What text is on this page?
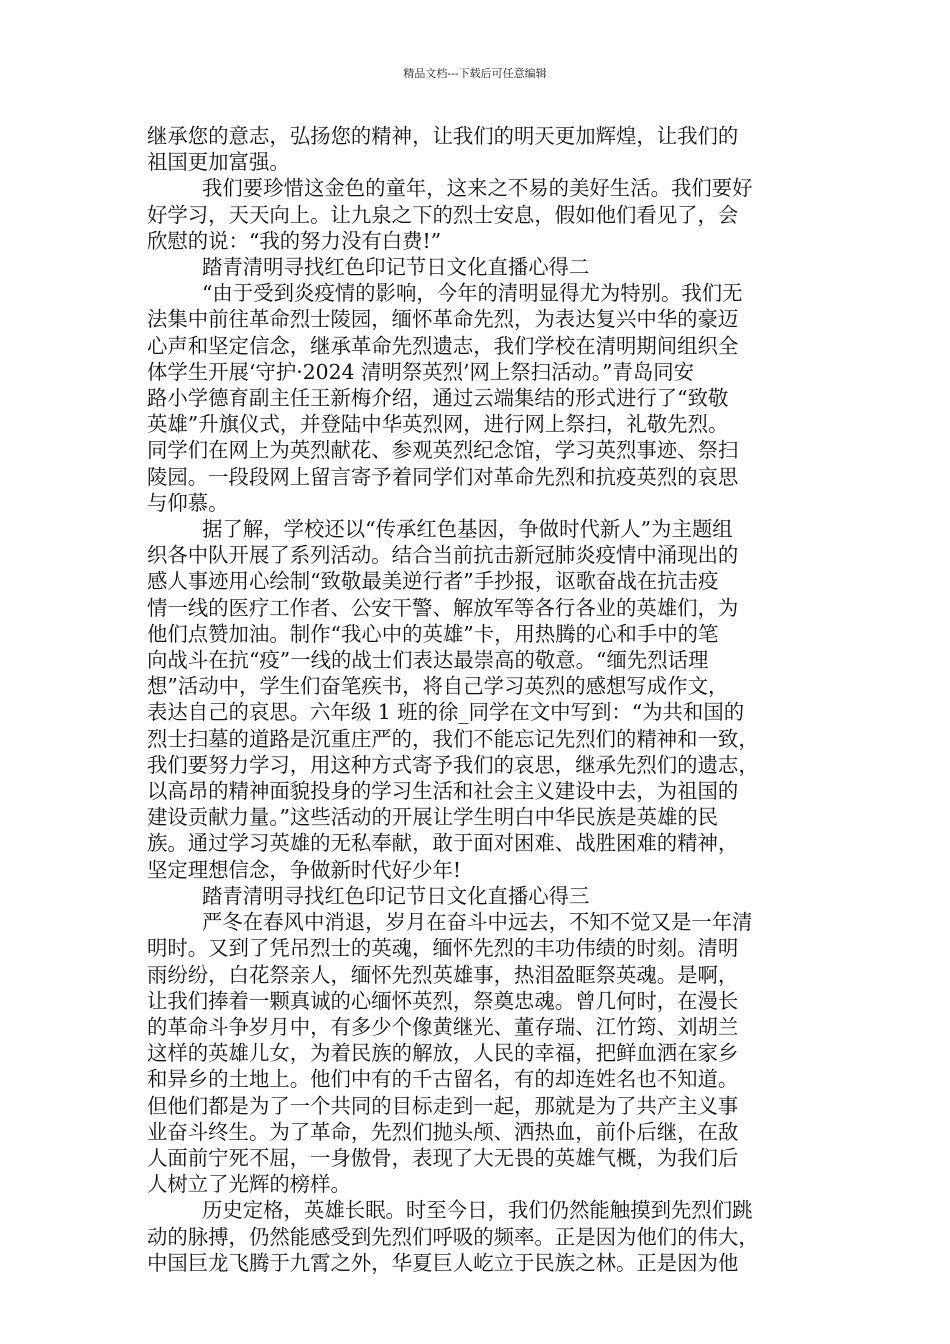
精品文档---下载后可任意编辑

继承您的意志，弘扬您的精神，让我们的明天更加辉煌，让我们的
祖国更加富强。

我们要珍惜这金色的童年，这来之不易的美好生活。我们要好
好学习，天天向上。让九泉之下的烈士安息，假如他们看见了，会
欣慰的说：“我的努力没有白费!”

踏青清明寻找红色印记节日文化直播心得二

“由于受到炎疫情的影响，今年的清明显得尤为特别。我们无
法集中前往革命烈士陵园，缅怀革命先烈，为表达复兴中华的豪迈
心声和坚定信念，继承革命先烈遗志，我们学校在清明期间组织全
体学生开展‘守护·2024 清明祭英烈’网上祭扫活动。”青岛同安
路小学德育副主任王新梅介绍，通过云端集结的形式进行了“致敬
英雄”升旗仪式，并登陆中华英烈网，进行网上祭扫，礼敬先烈。
同学们在网上为英烈献花、参观英烈纪念馆，学习英烈事迹、祭扫
陵园。一段段网上留言寄予着同学们对革命先烈和抗疫英烈的哀思
与仰慕。

据了解，学校还以“传承红色基因，争做时代新人”为主题组
织各中队开展了系列活动。结合当前抗击新冠肺炎疫情中涌现出的
感人事迹用心绘制“致敬最美逆行者”手抄报，讴歌奋战在抗击疫
情一线的医疗工作者、公安干警、解放军等各行各业的英雄们，为
他们点赞加油。制作“我心中的英雄”卡，用热腾的心和手中的笔
向战斗在抗“疫”一线的战士们表达最崇高的敬意。“缅先烈话理
想”活动中，学生们奋笔疾书，将自己学习英烈的感想写成作文，
表达自己的哀思。六年级 1 班的徐_同学在文中写到：“为共和国的
烈士扫墓的道路是沉重庄严的，我们不能忘记先烈们的精神和一致，
我们要努力学习，用这种方式寄予我们的哀思，继承先烈们的遗志，
以高昂的精神面貌投身的学习生活和社会主义建设中去，为祖国的
建设贡献力量。”这些活动的开展让学生明白中华民族是英雄的民
族。通过学习英雄的无私奉献，敢于面对困难、战胜困难的精神，
坚定理想信念，争做新时代好少年!

踏青清明寻找红色印记节日文化直播心得三

严冬在春风中消退，岁月在奋斗中远去，不知不觉又是一年清
明时。又到了凭吊烈士的英魂，缅怀先烈的丰功伟绩的时刻。清明
雨纷纷，白花祭亲人，缅怀先烈英雄事，热泪盈眶祭英魂。是啊，
让我们捧着一颗真诚的心缅怀英烈，祭奠忠魂。曾几何时，在漫长
的革命斗争岁月中，有多少个像黄继光、董存瑞、江竹筠、刘胡兰
这样的英雄儿女，为着民族的解放，人民的幸福，把鲜血洒在家乡
和异乡的土地上。他们中有的千古留名，有的却连姓名也不知道。
但他们都是为了一个共同的目标走到一起，那就是为了共产主义事
业奋斗终生。为了革命，先烈们抛头颅、洒热血，前仆后继，在敌
人面前宁死不屈，一身傲骨，表现了大无畏的英雄气概，为我们后
人树立了光辉的榜样。

历史定格，英雄长眠。时至今日，我们仍然能触摸到先烈们跳
动的脉搏，仍然能感受到先烈们呼吸的频率。正是因为他们的伟大，
中国巨龙飞腾于九霄之外，华夏巨人屹立于民族之林。正是因为他
